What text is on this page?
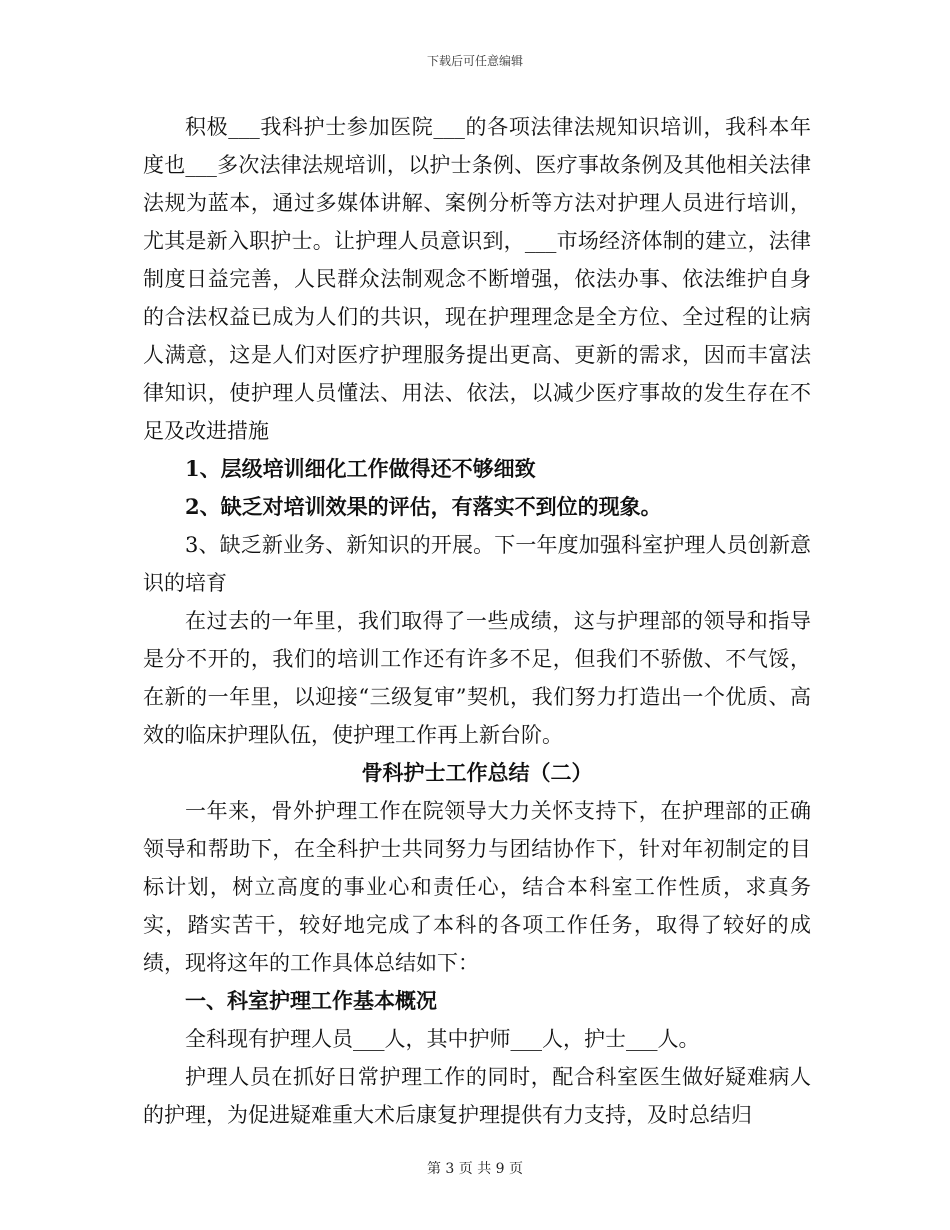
下载后可任意编辑

积极___我科护士参加医院___的各项法律法规知识培训，我科本年度也___多次法律法规培训，以护士条例、医疗事故条例及其他相关法律法规为蓝本，通过多媒体讲解、案例分析等方法对护理人员进行培训，尤其是新入职护士。让护理人员意识到，___市场经济体制的建立，法律制度日益完善，人民群众法制观念不断增强，依法办事、依法维护自身的合法权益已成为人们的共识，现在护理理念是全方位、全过程的让病人满意，这是人们对医疗护理服务提出更高、更新的需求，因而丰富法律知识，使护理人员懂法、用法、依法，以减少医疗事故的发生存在不足及改进措施

1、层级培训细化工作做得还不够细致

2、缺乏对培训效果的评估，有落实不到位的现象。

3、缺乏新业务、新知识的开展。下一年度加强科室护理人员创新意识的培育

在过去的一年里，我们取得了一些成绩，这与护理部的领导和指导是分不开的，我们的培训工作还有许多不足，但我们不骄傲、不气馁，在新的一年里，以迎接“三级复审”契机，我们努力打造出一个优质、高效的临床护理队伍，使护理工作再上新台阶。

骨科护士工作总结（二）

一年来，骨外护理工作在院领导大力关怀支持下，在护理部的正确领导和帮助下，在全科护士共同努力与团结协作下，针对年初制定的目标计划，树立高度的事业心和责任心，结合本科室工作性质，求真务实，踏实苦干，较好地完成了本科的各项工作任务，取得了较好的成绩，现将这年的工作具体总结如下：

一、科室护理工作基本概况

全科现有护理人员___人，其中护师___人，护士___人。

护理人员在抓好日常护理工作的同时，配合科室医生做好疑难病人的护理，为促进疑难重大术后康复护理提供有力支持，及时总结归

第 3 页 共 9 页
